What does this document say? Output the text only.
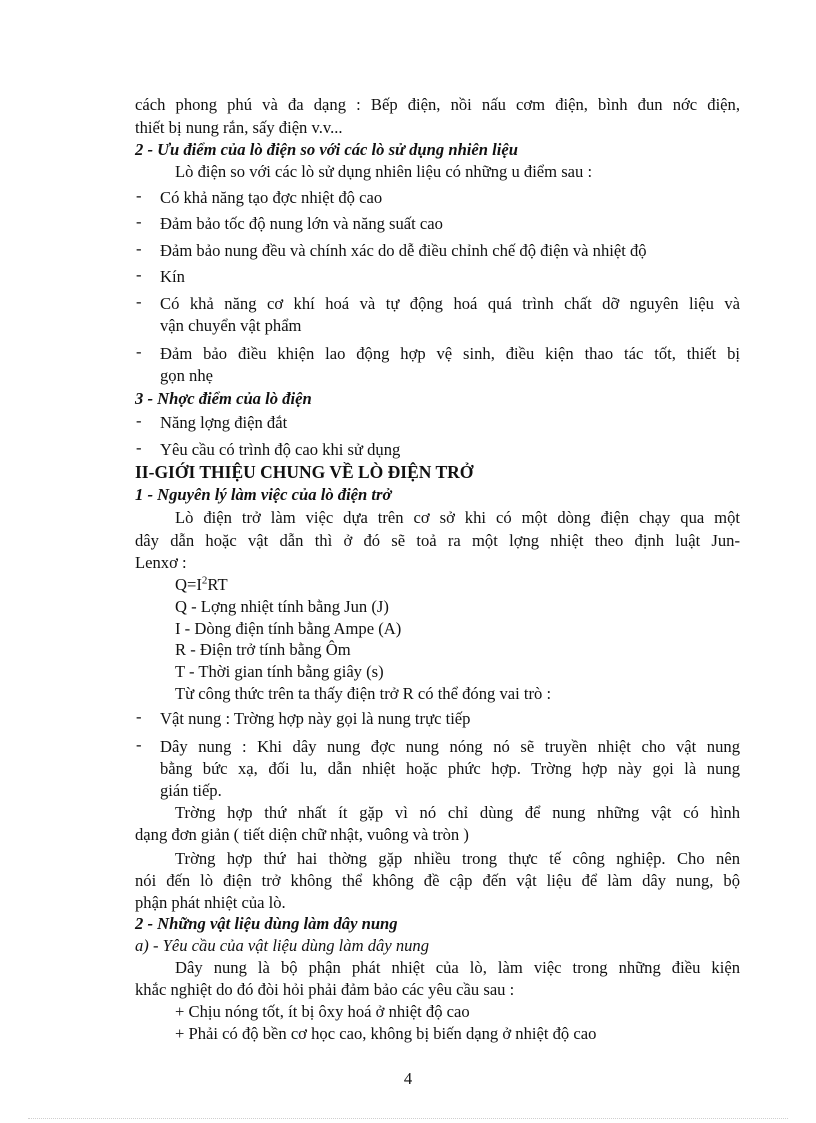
cách phong phú và đa dạng : Bếp điện, nồi nấu cơm điện, bình đun nớc điện,
thiết bị nung rắn, sấy điện v.v...
2 - Ưu điểm của lò điện so với các lò sử dụng nhiên liệu
Lò điện so với các lò sử dụng nhiên liệu có những u điểm sau :
- Có khả năng tạo đợc nhiệt độ cao
- Đảm bảo tốc độ nung lớn và năng suất cao
- Đảm bảo nung đều và chính xác do dễ điều chỉnh chế độ điện và nhiệt độ
- Kín
- Có khả năng cơ khí hoá và tự động hoá quá trình chất dỡ nguyên liệu và
vận chuyển vật phẩm
- Đảm bảo điều khiện lao động hợp vệ sinh, điều kiện thao tác tốt, thiết bị
gọn nhẹ
3 - Nhợc điểm của lò điện
- Năng lợng điện đắt
- Yêu cầu có trình độ cao khi sử dụng
II-GIỚI THIỆU CHUNG VỀ LÒ ĐIỆN TRỞ
1 - Nguyên lý làm việc của lò điện trở
Lò điện trở làm việc dựa trên cơ sở khi có một dòng điện chạy qua một
dây dẫn hoặc vật dẫn thì ở đó sẽ toả ra một lợng nhiệt theo định luật Jun-
Lenxơ :
$Q=I^2RT$
Q - Lợng nhiệt tính bằng Jun (J)
I - Dòng điện tính bằng Ampe (A)
R - Điện trở tính bằng Ôm
T - Thời gian tính bằng giây (s)
Từ công thức trên ta thấy điện trở R có thể đóng vai trò :
- Vật nung : Trờng hợp này gọi là nung trực tiếp
- Dây nung : Khi dây nung đợc nung nóng nó sẽ truyền nhiệt cho vật nung
bằng bức xạ, đối lu, dẫn nhiệt hoặc phức hợp. Trờng hợp này gọi là nung
gián tiếp.
Trờng hợp thứ nhất ít gặp vì nó chỉ dùng để nung những vật có hình
dạng đơn giản ( tiết diện chữ nhật, vuông và tròn )
Trờng hợp thứ hai thờng gặp nhiều trong thực tế công nghiệp. Cho nên
nói đến lò điện trở không thể không đề cập đến vật liệu để làm dây nung, bộ
phận phát nhiệt của lò.
2 - Những vật liệu dùng làm dây nung
a) - Yêu cầu của vật liệu dùng làm dây nung
Dây nung là bộ phận phát nhiệt của lò, làm việc trong những điều kiện
khắc nghiệt do đó đòi hỏi phải đảm bảo các yêu cầu sau :
+ Chịu nóng tốt, ít bị ôxy hoá ở nhiệt độ cao
+ Phải có độ bền cơ học cao, không bị biến dạng ở nhiệt độ cao
4
